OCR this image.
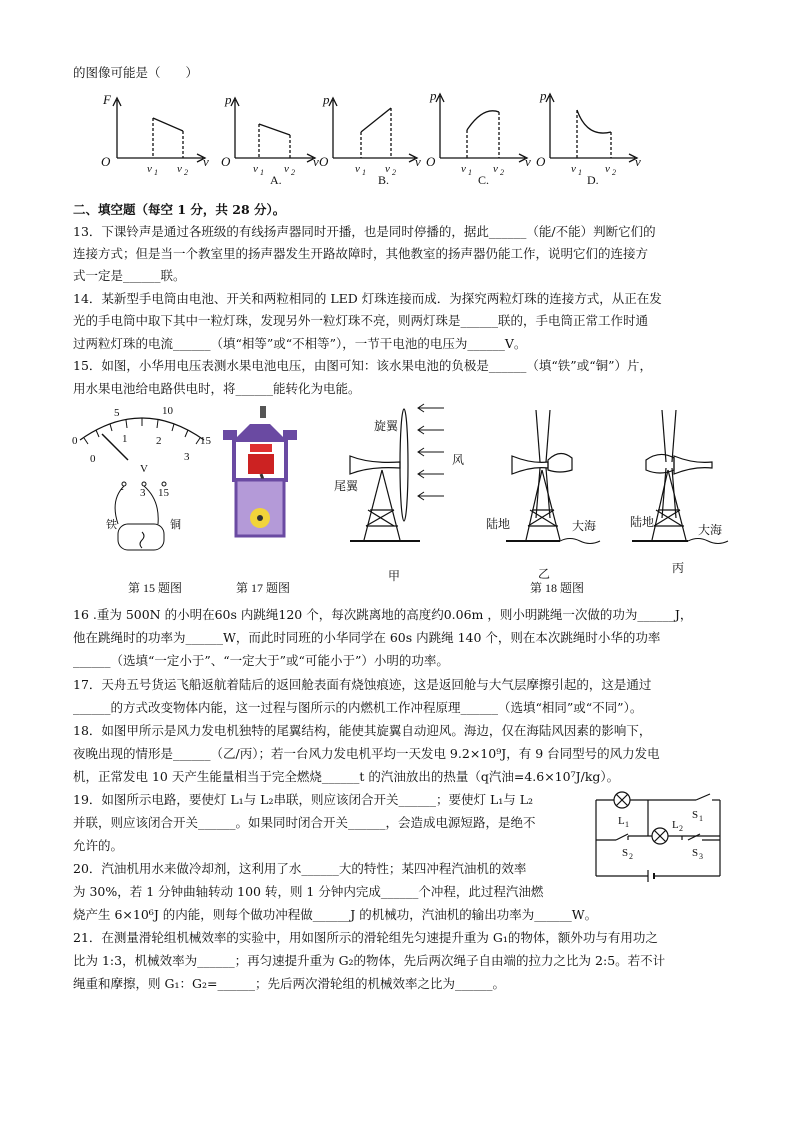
的图像可能是（　　）
F	p	p	p	p
O	O	O	O	O
v	v	v	v	v
v 1 v 2	v 1 v 2	v 1 v 2	v 1 v 2	v 1 v 2
A.	B.	C.	D.
二、填空题（每空 1 分，共 28 分）。
13．下课铃声是通过各班级的有线扬声器同时开播，也是同时停播的，据此______（能/不能）判断它们的
连接方式；但是当一个教室里的扬声器发生开路故障时，其他教室的扬声器仍能工作，说明它们的连接方
式一定是______联。
14．某新型手电筒由电池、开关和两粒相同的 LED 灯珠连接而成．为探究两粒灯珠的连接方式，从正在发
光的手电筒中取下其中一粒灯珠，发现另外一粒灯珠不亮，则两灯珠是______联的，手电筒正常工作时通
过两粒灯珠的电流______（填“相等”或“不相等”），一节干电池的电压为______V。
15．如图，小华用电压表测水果电池电压，由图可知：该水果电池的负极是______（填“铁”或“铜”）片，
用水果电池给电路供电时，将______能转化为电能。
5	10
0	15
0
1	2
3
V
- 3 15
铁	铜
第 15 题图	第 17 题图
旋翼
尾翼
风
甲
陆地	大海
乙
陆地
大海
丙
第 18 题图
16 .重为 500N 的小明在60s 内跳绳120 个，每次跳离地的高度约0.06m ，则小明跳绳一次做的功为______J，
他在跳绳时的功率为______W，而此时同班的小华同学在 60s 内跳绳 140 个，则在本次跳绳时小华的功率
______（选填“一定小于”、“一定大于”或“可能小于”）小明的功率。
17．天舟五号货运飞船返航着陆后的返回舱表面有烧蚀痕迹，这是返回舱与大气层摩擦引起的，这是通过
______的方式改变物体内能，这一过程与图所示的内燃机工作冲程原理______（选填“相同”或“不同”）。
18．如图甲所示是风力发电机独特的尾翼结构，能使其旋翼自动迎风。海边，仅在海陆风因素的影响下，
夜晚出现的情形是______（乙/丙）；若一台风力发电机平均一天发电 9.2×10⁹J，有 9 台同型号的风力发电
机，正常发电 10 天产生能量相当于完全燃烧______t 的汽油放出的热量（q汽油=4.6×10⁷J/kg）。
19．如图所示电路，要使灯 L₁与 L₂串联，则应该闭合开关______；要使灯 L₁与 L₂
并联，则应该闭合开关______。如果同时闭合开关______，会造成电源短路，是绝不
允许的。
L 1	L 2
S 1
S 2	S 3
20．汽油机用水来做冷却剂，这利用了水______大的特性；某四冲程汽油机的效率
为 30%，若 1 分钟曲轴转动 100 转，则 1 分钟内完成______个冲程，此过程汽油燃
烧产生 6×10⁶J 的内能，则每个做功冲程做______J 的机械功，汽油机的输出功率为______W。
21．在测量滑轮组机械效率的实验中，用如图所示的滑轮组先匀速提升重为 G₁的物体，额外功与有用功之
比为 1:3，机械效率为______；再匀速提升重为 G₂的物体，先后两次绳子自由端的拉力之比为 2:5。若不计
绳重和摩擦，则 G₁：G₂=______；先后两次滑轮组的机械效率之比为______。
